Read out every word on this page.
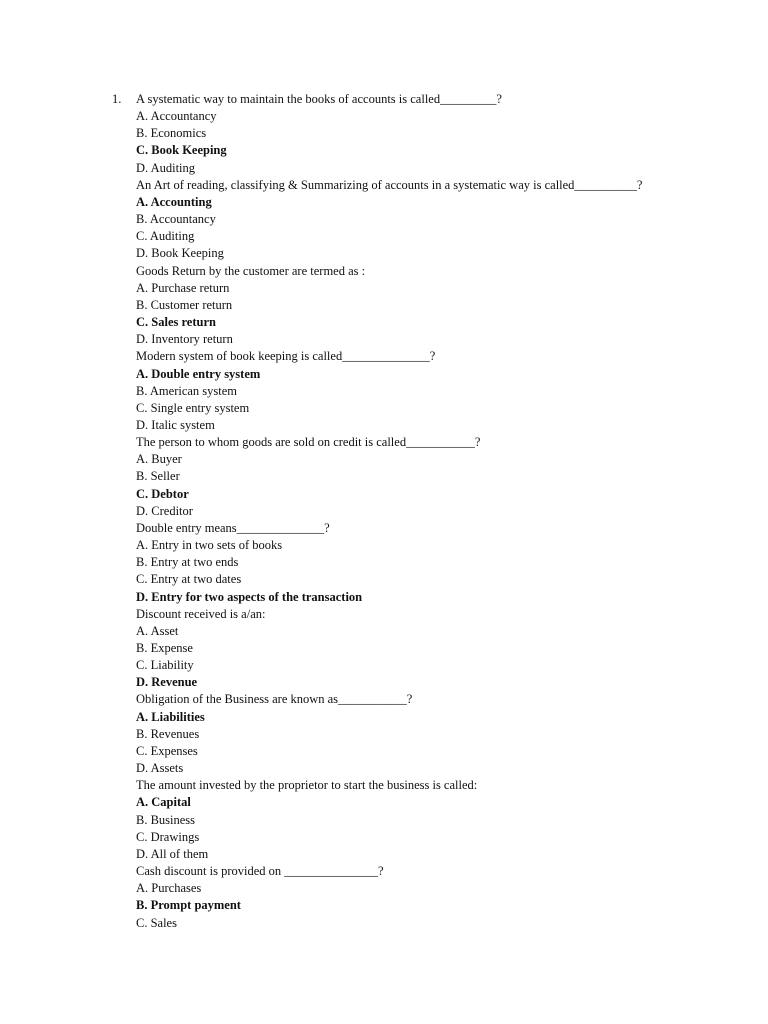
1. A systematic way to maintain the books of accounts is called_________?
A. Accountancy
B. Economics
C. Book Keeping
D. Auditing
An Art of reading, classifying & Summarizing of accounts in a systematic way is called__________?
A. Accounting
B. Accountancy
C. Auditing
D. Book Keeping
Goods Return by the customer are termed as :
A. Purchase return
B. Customer return
C. Sales return
D. Inventory return
Modern system of book keeping is called______________?
A. Double entry system
B. American system
C. Single entry system
D. Italic system
The person to whom goods are sold on credit is called___________?
A. Buyer
B. Seller
C. Debtor
D. Creditor
Double entry means______________?
A. Entry in two sets of books
B. Entry at two ends
C. Entry at two dates
D. Entry for two aspects of the transaction
Discount received is a/an:
A. Asset
B. Expense
C. Liability
D. Revenue
Obligation of the Business are known as___________?
A. Liabilities
B. Revenues
C. Expenses
D. Assets
The amount invested by the proprietor to start the business is called:
A. Capital
B. Business
C. Drawings
D. All of them
Cash discount is provided on _______________?
A. Purchases
B. Prompt payment
C. Sales
